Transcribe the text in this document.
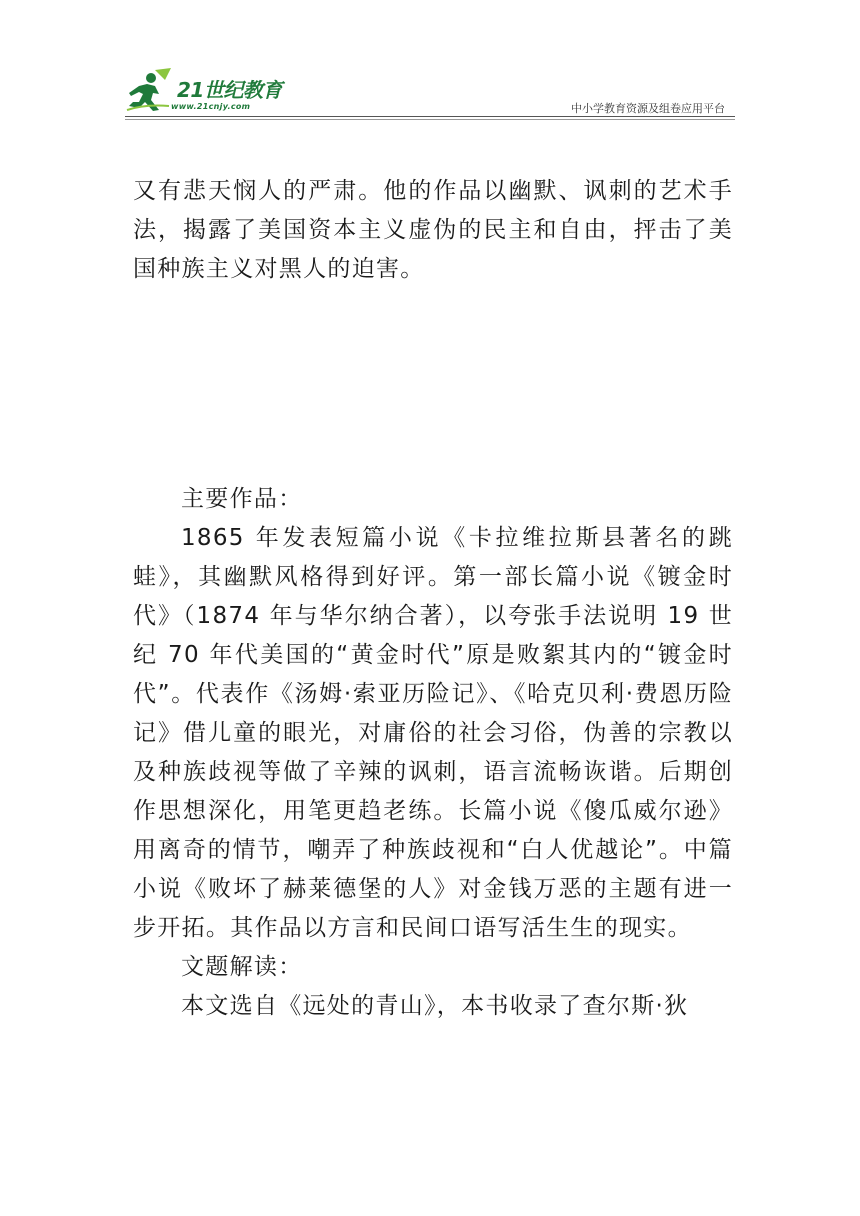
21世纪教育
www.21cnjy.com	中小学教育资源及组卷应用平台

又有悲天悯人的严肃。他的作品以幽默、讽刺的艺术手法，揭露了美国资本主义虚伪的民主和自由，抨击了美国种族主义对黑人的迫害。

主要作品：

1865 年发表短篇小说《卡拉维拉斯县著名的跳蛙》，其幽默风格得到好评。第一部长篇小说《镀金时代》（1874 年与华尔纳合著），以夸张手法说明 19 世纪 70 年代美国的“黄金时代”原是败絮其内的“镀金时代”。代表作《汤姆·索亚历险记》、《哈克贝利·费恩历险记》借儿童的眼光，对庸俗的社会习俗，伪善的宗教以及种族歧视等做了辛辣的讽刺，语言流畅诙谐。后期创作思想深化，用笔更趋老练。长篇小说《傻瓜威尔逊》用离奇的情节，嘲弄了种族歧视和“白人优越论”。中篇小说《败坏了赫莱德堡的人》对金钱万恶的主题有进一步开拓。其作品以方言和民间口语写活生生的现实。

文题解读：

本文选自《远处的青山》，本书收录了查尔斯·狄
